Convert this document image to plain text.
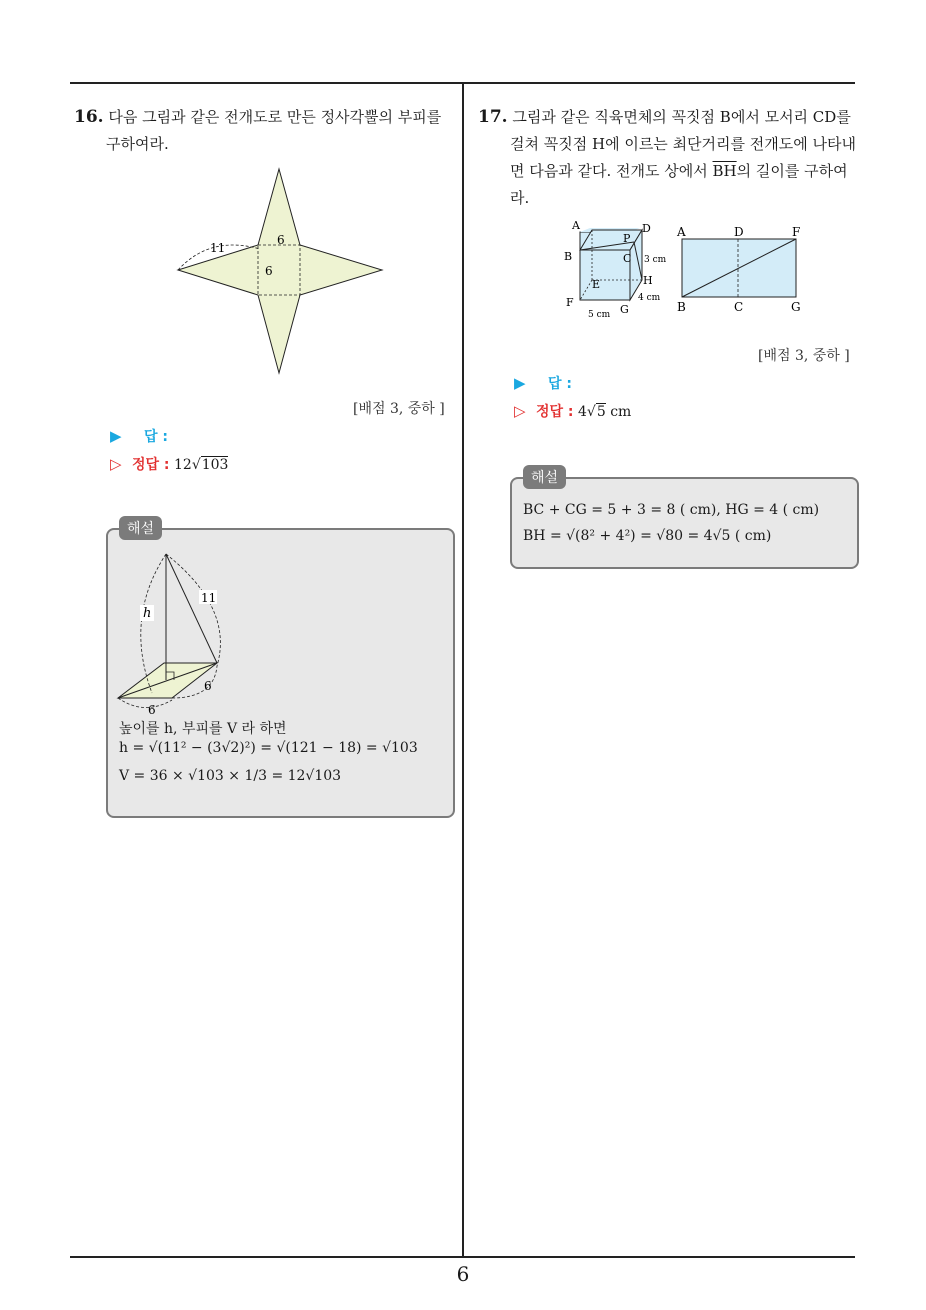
16. 다음 그림과 같은 전개도로 만든 정사각뿔의 부피를
구하여라.
11
6
6
[배점 3, 중하 ]
▶ 답 :
▷ 정답 : 12√103
h
11
6
6
높이를 h, 부피를 V 라 하면
h = √(11² − (3√2)²) = √(121 − 18) = √103
V = 36 × √103 × 1/3 = 12√103
해설
17. 그림과 같은 직육면체의 꼭짓점 B에서 모서리 CD를
걸쳐 꼭짓점 H에 이르는 최단거리를 전개도에 나타내
면 다음과 같다. 전개도 상에서 $\overline{BH}$의 길이를 구하여
라.
A	D
P
B	C 3 cm
H
E
4 cm
F
G
5 cm
A	D	F
B	C	G
[배점 3, 중하 ]
▶ 답 :
▷ 정답 : 4√5 cm
BC + CG = 5 + 3 = 8 ( cm), HG = 4 ( cm)
BH = √(8² + 4²) = √80 = 4√5 ( cm)
해설
6
